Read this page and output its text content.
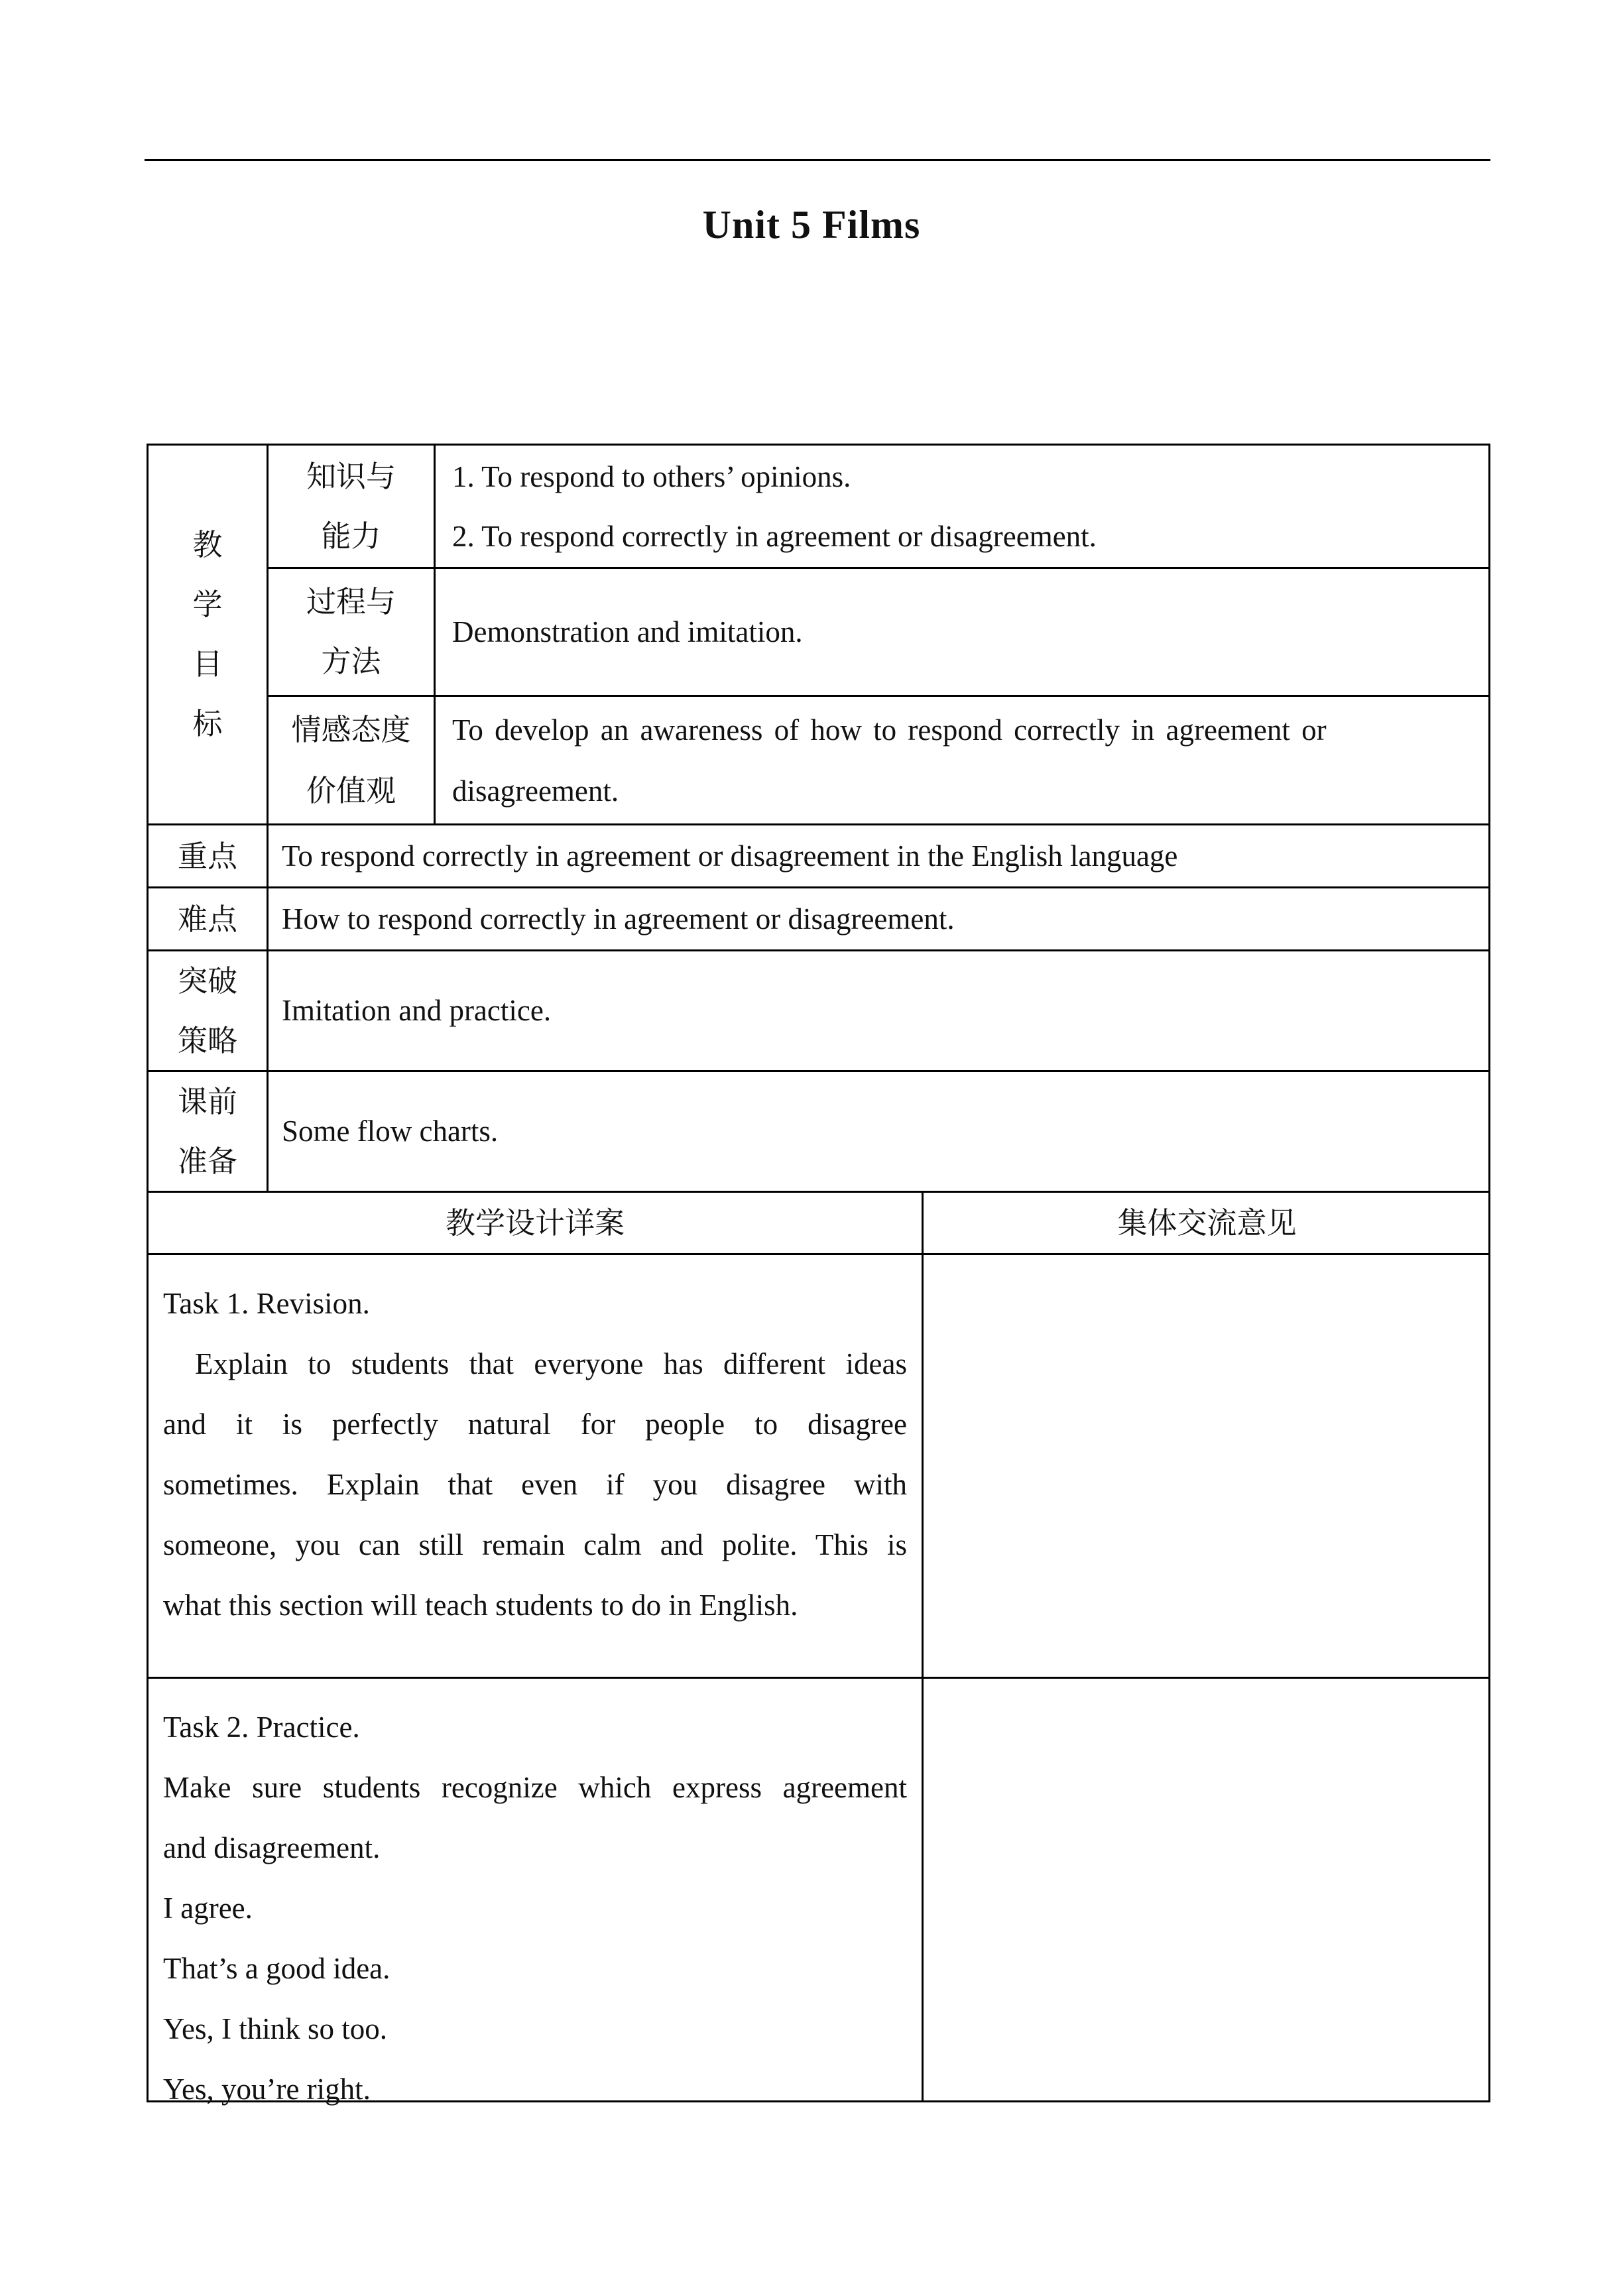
Unit 5 Films
教
学
目
标
知识与
能力
1. To respond to others’ opinions.
2. To respond correctly in agreement or disagreement.
过程与
方法
Demonstration and imitation.
情感态度
价值观
To develop an awareness of how to respond correctly in agreement or
disagreement.
重点 To respond correctly in agreement or disagreement in the English language
难点 How to respond correctly in agreement or disagreement.
突破
策略
Imitation and practice.
课前
准备
Some flow charts.
教学设计详案	集体交流意见
Task 1. Revision.
Explain to students that everyone has different ideas
and it is perfectly natural for people to disagree
sometimes. Explain that even if you disagree with
someone, you can still remain calm and polite. This is
what this section will teach students to do in English.
Task 2. Practice.
Make sure students recognize which express agreement
and disagreement.
I agree.
That’s a good idea.
Yes, I think so too.
Yes, you’re right.
